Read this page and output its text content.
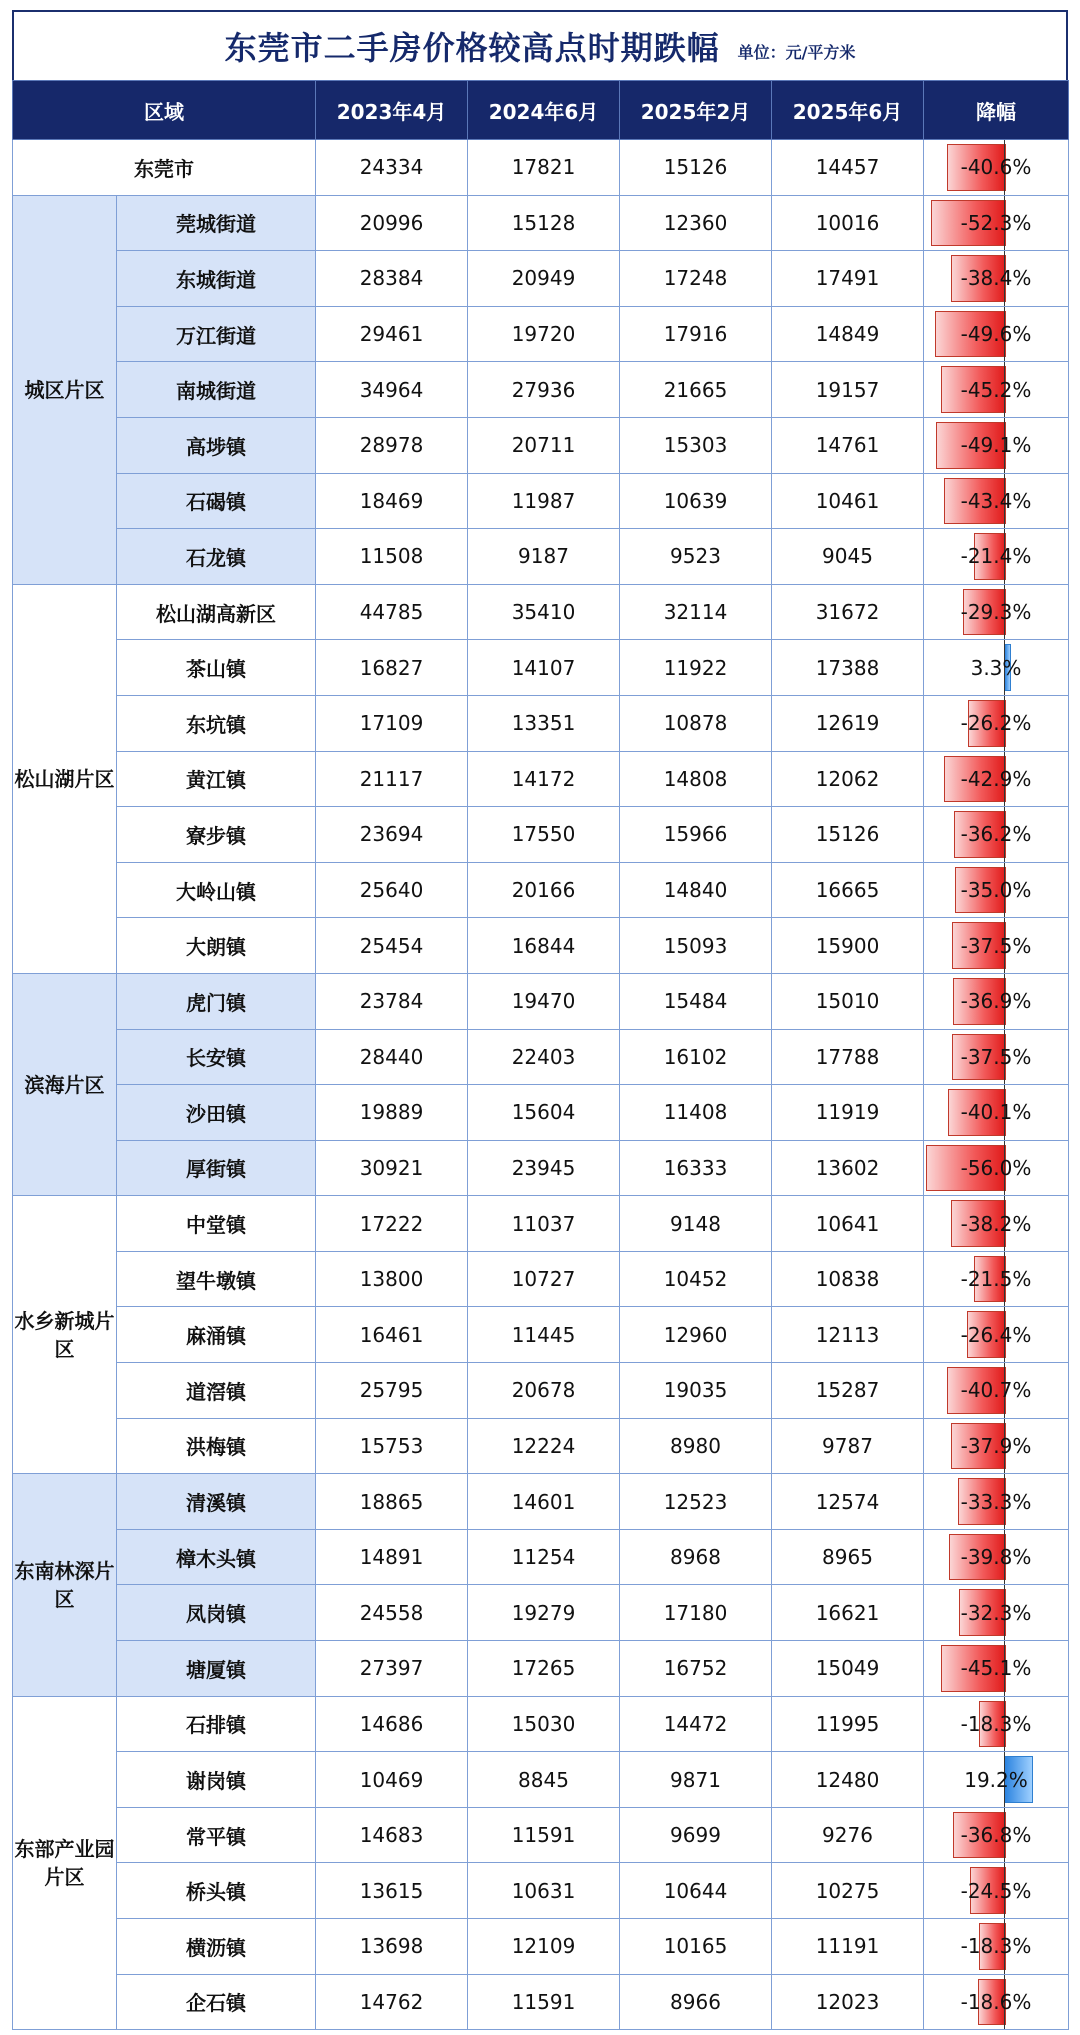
东莞市二手房价格较高点时期跌幅 单位：元/平方米
区域		2023年4月	2024年6月	2025年2月	2025年6月	降幅
东莞市		24334	17821	15126	14457	-40.6%
城区片区	莞城街道	20996	15128	12360	10016	-52.3%
	东城街道	28384	20949	17248	17491	-38.4%
	万江街道	29461	19720	17916	14849	-49.6%
	南城街道	34964	27936	21665	19157	-45.2%
	高埗镇	28978	20711	15303	14761	-49.1%
	石碣镇	18469	11987	10639	10461	-43.4%
	石龙镇	11508	9187	9523	9045	-21.4%
松山湖片区	松山湖高新区	44785	35410	32114	31672	-29.3%
	茶山镇	16827	14107	11922	17388	3.3%
	东坑镇	17109	13351	10878	12619	-26.2%
	黄江镇	21117	14172	14808	12062	-42.9%
	寮步镇	23694	17550	15966	15126	-36.2%
	大岭山镇	25640	20166	14840	16665	-35.0%
	大朗镇	25454	16844	15093	15900	-37.5%
滨海片区	虎门镇	23784	19470	15484	15010	-36.9%
	长安镇	28440	22403	16102	17788	-37.5%
	沙田镇	19889	15604	11408	11919	-40.1%
	厚街镇	30921	23945	16333	13602	-56.0%
水乡新城片区	中堂镇	17222	11037	9148	10641	-38.2%
	望牛墩镇	13800	10727	10452	10838	-21.5%
	麻涌镇	16461	11445	12960	12113	-26.4%
	道滘镇	25795	20678	19035	15287	-40.7%
	洪梅镇	15753	12224	8980	9787	-37.9%
东南林深片区	清溪镇	18865	14601	12523	12574	-33.3%
	樟木头镇	14891	11254	8968	8965	-39.8%
	凤岗镇	24558	19279	17180	16621	-32.3%
	塘厦镇	27397	17265	16752	15049	-45.1%
东部产业园片区	石排镇	14686	15030	14472	11995	-18.3%
	谢岗镇	10469	8845	9871	12480	19.2%
	常平镇	14683	11591	9699	9276	-36.8%
	桥头镇	13615	10631	10644	10275	-24.5%
	横沥镇	13698	12109	10165	11191	-18.3%
	企石镇	14762	11591	8966	12023	-18.6%
